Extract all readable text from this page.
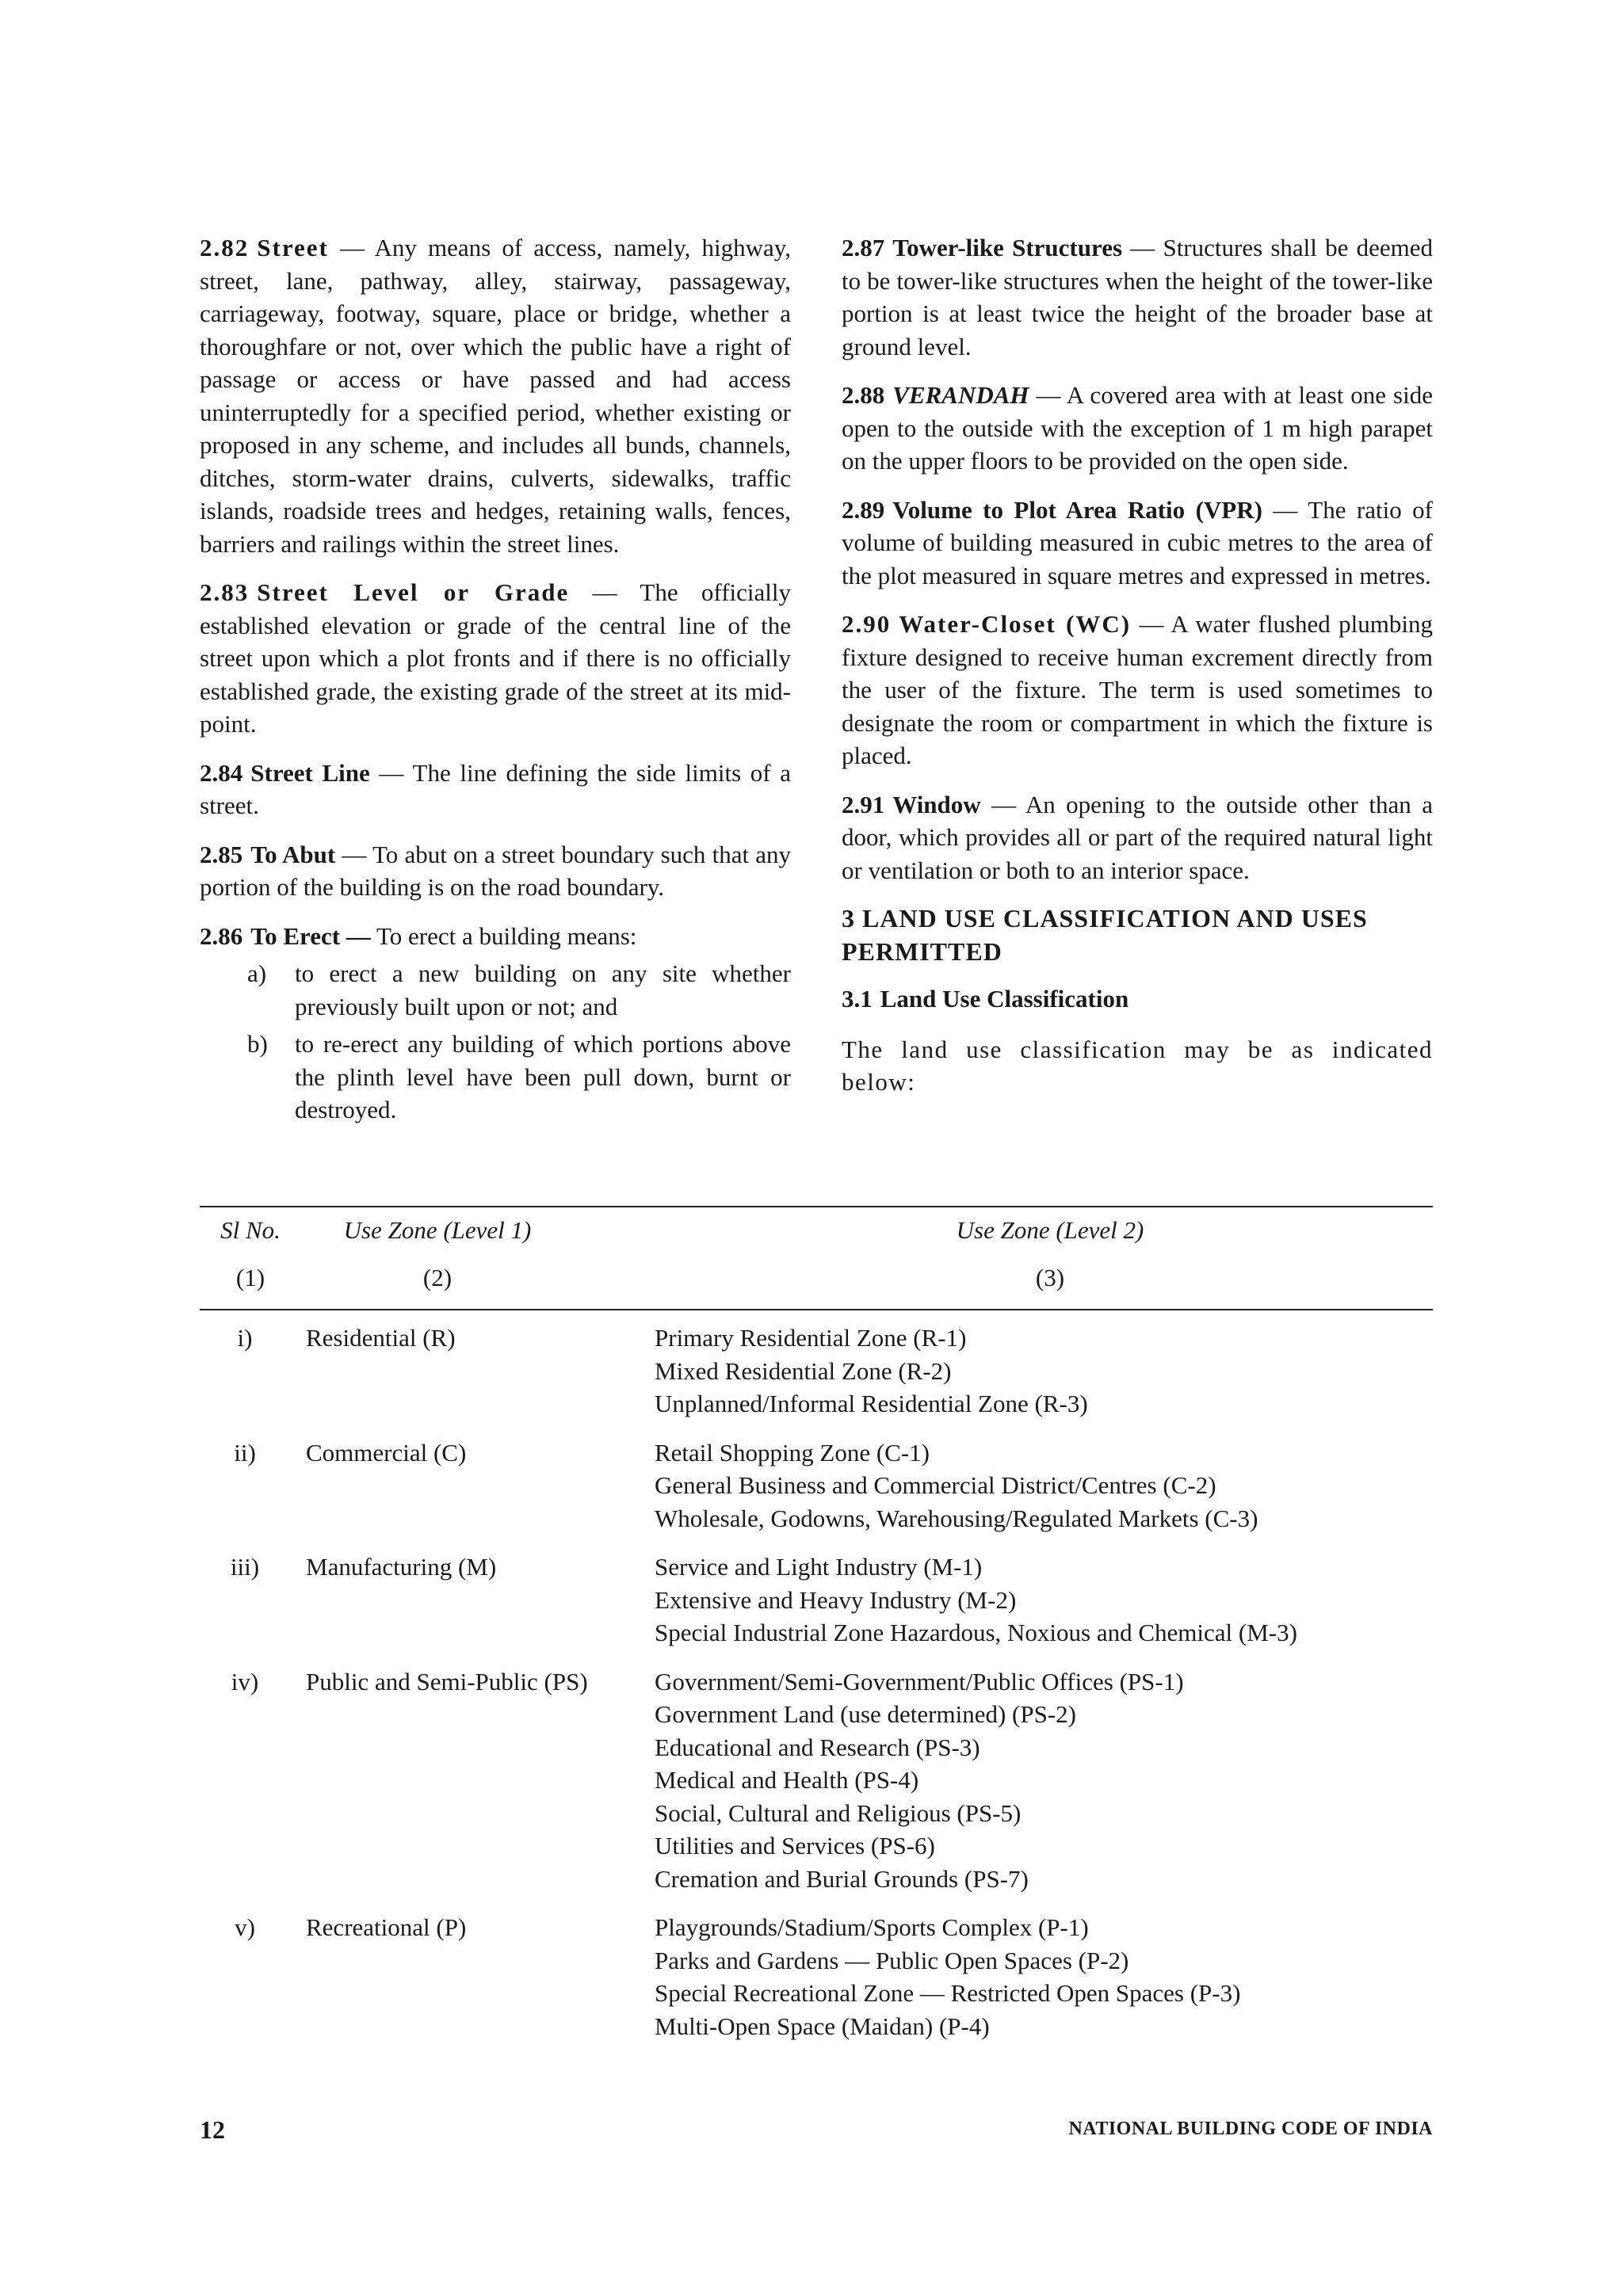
2.82 Street — Any means of access, namely, highway, street, lane, pathway, alley, stairway, passageway, carriageway, footway, square, place or bridge, whether a thoroughfare or not, over which the public have a right of passage or access or have passed and had access uninterruptedly for a specified period, whether existing or proposed in any scheme, and includes all bunds, channels, ditches, storm-water drains, culverts, sidewalks, traffic islands, roadside trees and hedges, retaining walls, fences, barriers and railings within the street lines.

2.83 Street Level or Grade — The officially established elevation or grade of the central line of the street upon which a plot fronts and if there is no officially established grade, the existing grade of the street at its mid-point.

2.84 Street Line — The line defining the side limits of a street.

2.85 To Abut — To abut on a street boundary such that any portion of the building is on the road boundary.

2.86 To Erect — To erect a building means:

a)	to erect a new building on any site whether previously built upon or not; and
b)	to re-erect any building of which portions above the plinth level have been pull down, burnt or destroyed.

2.87 Tower-like Structures — Structures shall be deemed to be tower-like structures when the height of the tower-like portion is at least twice the height of the broader base at ground level.

2.88 VERANDAH — A covered area with at least one side open to the outside with the exception of 1 m high parapet on the upper floors to be provided on the open side.

2.89 Volume to Plot Area Ratio (VPR) — The ratio of volume of building measured in cubic metres to the area of the plot measured in square metres and expressed in metres.

2.90 Water-Closet (WC) — A water flushed plumbing fixture designed to receive human excrement directly from the user of the fixture. The term is used sometimes to designate the room or compartment in which the fixture is placed.

2.91 Window — An opening to the outside other than a door, which provides all or part of the required natural light or ventilation or both to an interior space.

3 LAND USE CLASSIFICATION AND USES PERMITTED
3.1 Land Use Classification

The land use classification may be as indicated below:

Sl No.	Use Zone (Level 1)	Use Zone (Level 2)
(1)	(2)	(3)
i)	Residential (R)	Primary Residential Zone (R-1)
Mixed Residential Zone (R-2)
Unplanned/Informal Residential Zone (R-3)
ii)	Commercial (C)	Retail Shopping Zone (C-1)
General Business and Commercial District/Centres (C-2)
Wholesale, Godowns, Warehousing/Regulated Markets (C-3)
iii)	Manufacturing (M)	Service and Light Industry (M-1)
Extensive and Heavy Industry (M-2)
Special Industrial Zone Hazardous, Noxious and Chemical (M-3)
iv)	Public and Semi-Public (PS)	Government/Semi-Government/Public Offices (PS-1)
Government Land (use determined) (PS-2)
Educational and Research (PS-3)
Medical and Health (PS-4)
Social, Cultural and Religious (PS-5)
Utilities and Services (PS-6)
Cremation and Burial Grounds (PS-7)
v)	Recreational (P)	Playgrounds/Stadium/Sports Complex (P-1)
Parks and Gardens — Public Open Spaces (P-2)
Special Recreational Zone — Restricted Open Spaces (P-3)
Multi-Open Space (Maidan) (P-4)
12	NATIONAL BUILDING CODE OF INDIA
